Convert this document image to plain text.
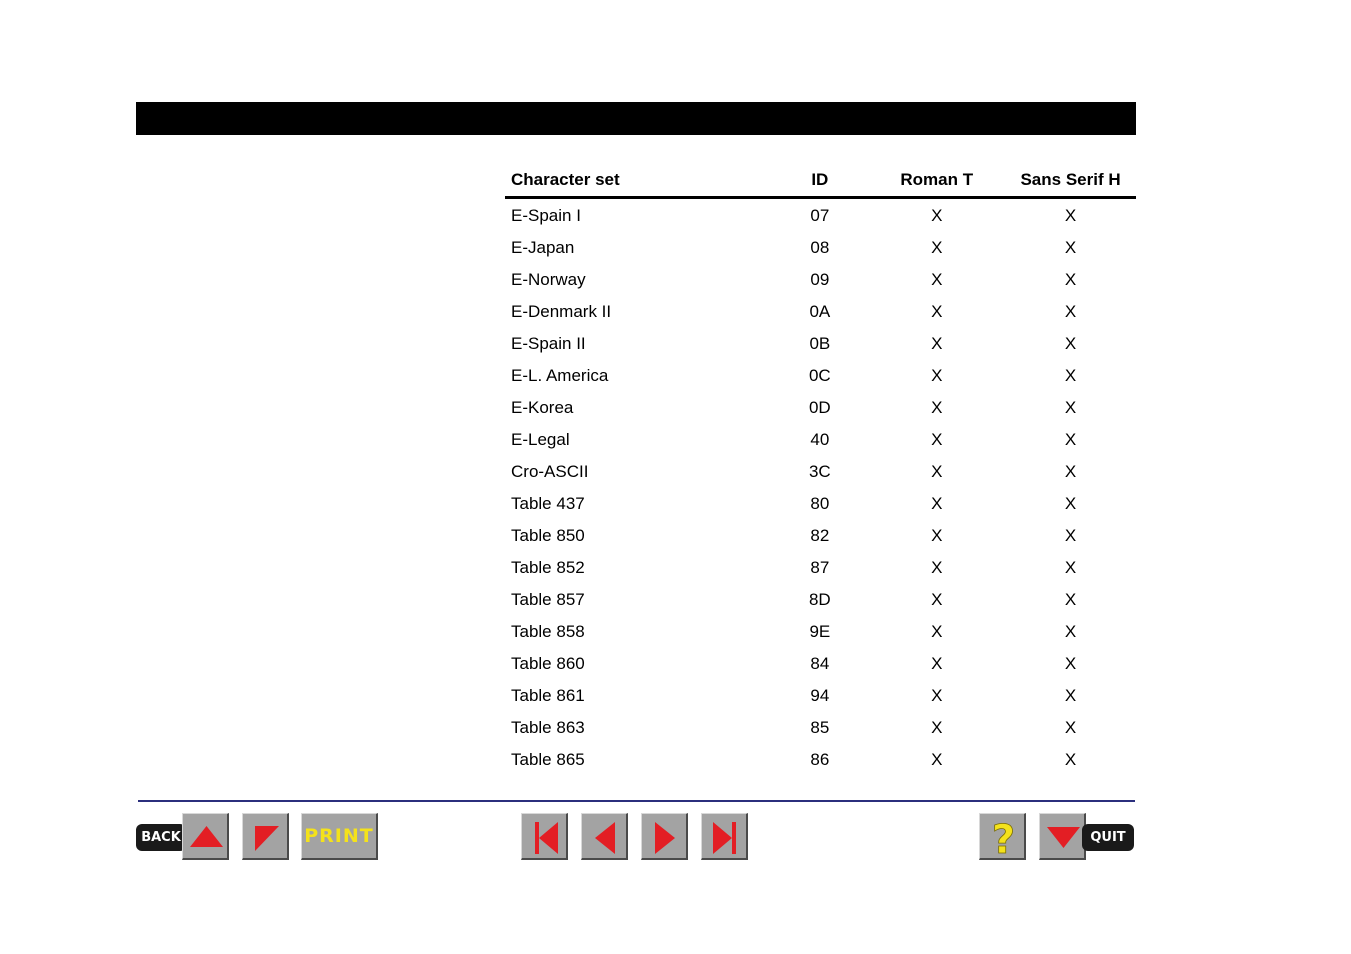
Character set	ID	Roman T	Sans Serif H

E-Spain I	07	X	X
E-Japan	08	X	X
E-Norway	09	X	X
E-Denmark II	0A	X	X
E-Spain II	0B	X	X
E-L. America	0C	X	X
E-Korea	0D	X	X
E-Legal	40	X	X
Cro-ASCII	3C	X	X
Table 437	80	X	X
Table 850	82	X	X
Table 852	87	X	X
Table 857	8D	X	X
Table 858	9E	X	X
Table 860	84	X	X
Table 861	94	X	X
Table 863	85	X	X
Table 865	86	X	X
BACK	PRINT	?	QUIT
